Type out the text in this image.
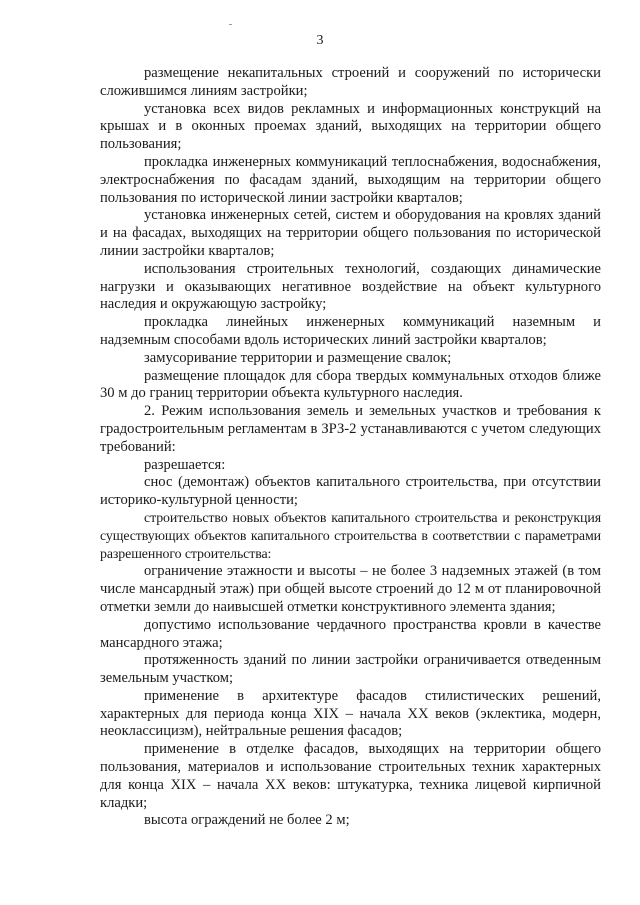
3

размещение некапитальных строений и сооружений по исторически сложившимся линиям застройки;

установка всех видов рекламных и информационных конструкций на крышах и в оконных проемах зданий, выходящих на территории общего пользования;

прокладка инженерных коммуникаций теплоснабжения, водоснабжения, электроснабжения по фасадам зданий, выходящим на территории общего пользования по исторической линии застройки кварталов;

установка инженерных сетей, систем и оборудования на кровлях зданий и на фасадах, выходящих на территории общего пользования по исторической линии застройки кварталов;

использования строительных технологий, создающих динамические нагрузки и оказывающих негативное воздействие на объект культурного наследия и окружающую застройку;

прокладка линейных инженерных коммуникаций наземным и надземным способами вдоль исторических линий застройки кварталов;

замусоривание территории и размещение свалок;

размещение площадок для сбора твердых коммунальных отходов ближе 30 м до границ территории объекта культурного наследия.

2. Режим использования земель и земельных участков и требования к градостроительным регламентам в ЗРЗ-2 устанавливаются с учетом следующих требований:

разрешается:

снос (демонтаж) объектов капитального строительства, при отсутствии историко-культурной ценности;

строительство новых объектов капитального строительства и реконструкция существующих объектов капитального строительства в соответствии с параметрами разрешенного строительства:

ограничение этажности и высоты – не более 3 надземных этажей (в том числе мансардный этаж) при общей высоте строений до 12 м от планировочной отметки земли до наивысшей отметки конструктивного элемента здания;

допустимо использование чердачного пространства кровли в качестве мансардного этажа;

протяженность зданий по линии застройки ограничивается отведенным земельным участком;

применение в архитектуре фасадов стилистических решений, характерных для периода конца XIX – начала XX веков (эклектика, модерн, неоклассицизм), нейтральные решения фасадов;

применение в отделке фасадов, выходящих на территории общего пользования, материалов и использование строительных техник характерных для конца XIX – начала XX веков: штукатурка, техника лицевой кирпичной кладки;

высота ограждений не более 2 м;
